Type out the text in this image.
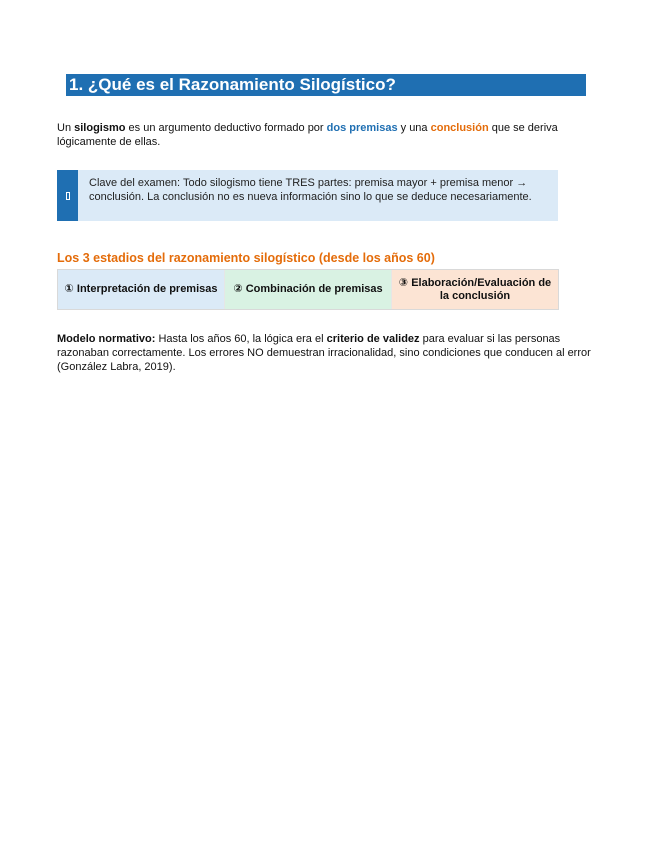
1. ¿Qué es el Razonamiento Silogístico?

Un silogismo es un argumento deductivo formado por dos premisas y una conclusión que se deriva lógicamente de ellas.

Clave del examen: Todo silogismo tiene TRES partes: premisa mayor + premisa menor → conclusión. La conclusión no es nueva información sino lo que se deduce necesariamente.
Los 3 estadios del razonamiento silogístico (desde los años 60)
① Interpretación de premisas ② Combinación de premisas
③ Elaboración/Evaluación de la conclusión

Modelo normativo: Hasta los años 60, la lógica era el criterio de validez para evaluar si las personas razonaban correctamente. Los errores NO demuestran irracionalidad, sino condiciones que conducen al error (González Labra, 2019).
